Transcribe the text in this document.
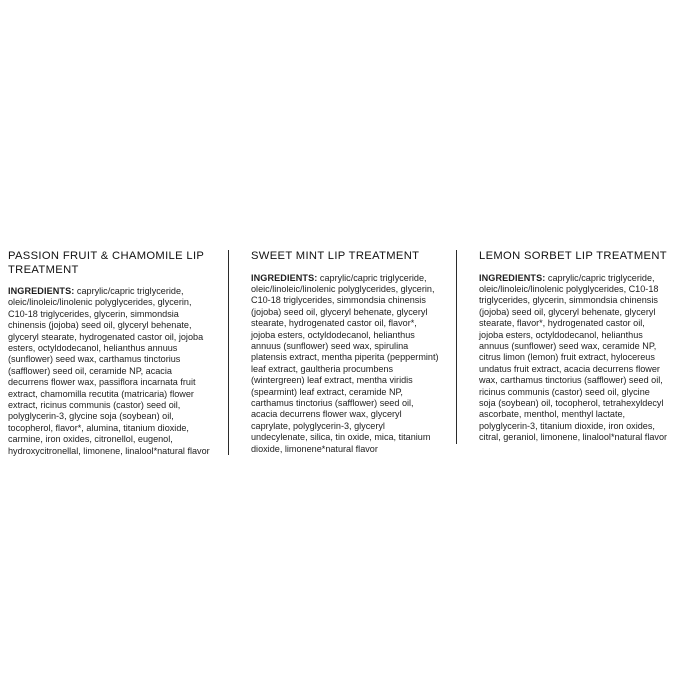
PASSION FRUIT & CHAMOMILE LIP TREATMENT

INGREDIENTS: caprylic/capric triglyceride, oleic/linoleic/linolenic polyglycerides, glycerin, C10-18 triglycerides, glycerin, simmondsia chinensis (jojoba) seed oil, glyceryl behenate, glyceryl stearate, hydrogenated castor oil, jojoba esters, octyldodecanol, helianthus annuus (sunflower) seed wax, carthamus tinctorius (safflower) seed oil, ceramide NP, acacia decurrens flower wax, passiflora incarnata fruit extract, chamomilla recutita (matricaria) flower extract, ricinus communis (castor) seed oil, polyglycerin-3, glycine soja (soybean) oil, tocopherol, flavor*, alumina, titanium dioxide, carmine, iron oxides, citronellol, eugenol, hydroxycitronellal, limonene, linalool*natural flavor

SWEET MINT LIP TREATMENT

INGREDIENTS: caprylic/capric triglyceride, oleic/linoleic/linolenic polyglycerides, glycerin, C10-18 triglycerides, simmondsia chinensis (jojoba) seed oil, glyceryl behenate, glyceryl stearate, hydrogenated castor oil, flavor*, jojoba esters, octyldodecanol, helianthus annuus (sunflower) seed wax, spirulina platensis extract, mentha piperita (peppermint) leaf extract, gaultheria procumbens (wintergreen) leaf extract, mentha viridis (spearmint) leaf extract, ceramide NP, carthamus tinctorius (safflower) seed oil, acacia decurrens flower wax, glyceryl caprylate, polyglycerin-3, glyceryl undecylenate, silica, tin oxide, mica, titanium dioxide, limonene*natural flavor

LEMON SORBET LIP TREATMENT

INGREDIENTS: caprylic/capric triglyceride, oleic/linoleic/linolenic polyglycerides, C10-18 triglycerides, glycerin, simmondsia chinensis (jojoba) seed oil, glyceryl behenate, glyceryl stearate, flavor*, hydrogenated castor oil, jojoba esters, octyldodecanol, helianthus annuus (sunflower) seed wax, ceramide NP, citrus limon (lemon) fruit extract, hylocereus undatus fruit extract, acacia decurrens flower wax, carthamus tinctorius (safflower) seed oil, ricinus communis (castor) seed oil, glycine soja (soybean) oil, tocopherol, tetrahexyldecyl ascorbate, menthol, menthyl lactate, polyglycerin-3, titanium dioxide, iron oxides, citral, geraniol, limonene, linalool*natural flavor
